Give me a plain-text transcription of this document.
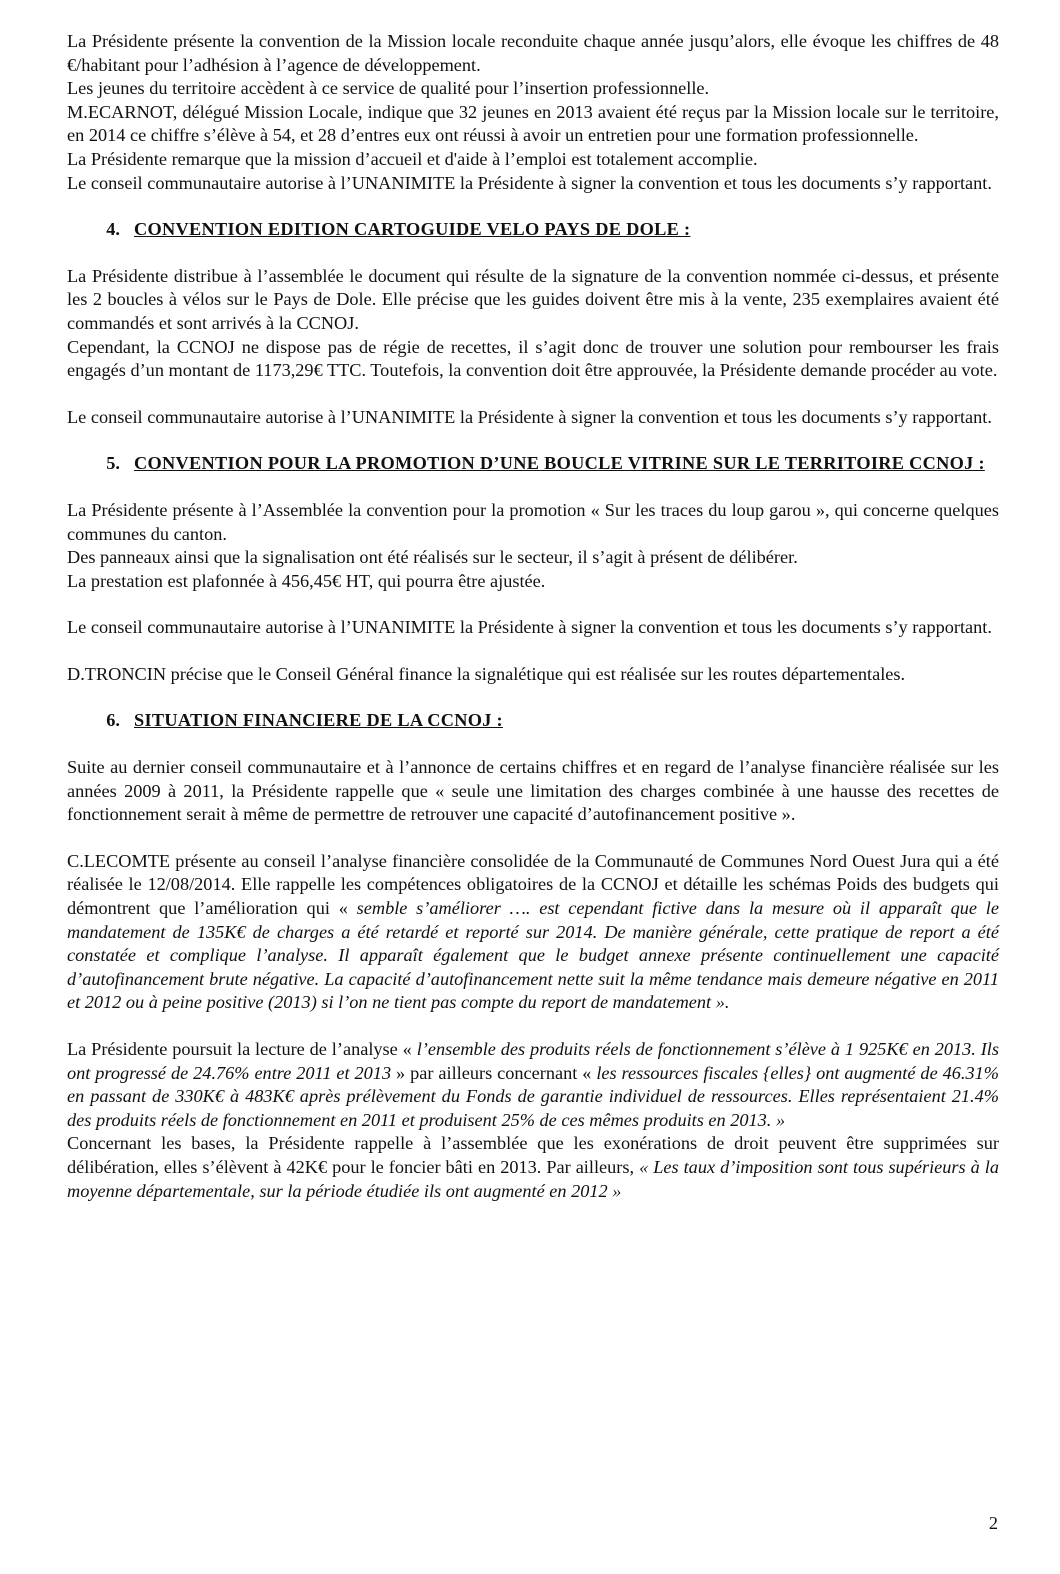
La Présidente présente la convention de la Mission locale reconduite chaque année jusqu’alors, elle évoque les chiffres de 48 €/habitant pour l’adhésion à l’agence de développement.

Les jeunes du territoire accèdent à ce service de qualité pour l’insertion professionnelle.

M.ECARNOT, délégué Mission Locale, indique que 32 jeunes en 2013 avaient été reçus par la Mission locale sur le territoire, en 2014 ce chiffre s’élève à 54, et 28 d’entres eux ont réussi à avoir un entretien pour une formation professionnelle.

La Présidente remarque que la mission d’accueil et d'aide à l’emploi est totalement accomplie.

Le conseil communautaire autorise à l’UNANIMITE la Présidente à signer la convention et tous les documents s’y rapportant.

4. CONVENTION EDITION CARTOGUIDE VELO PAYS DE DOLE :

La Présidente distribue à l’assemblée le document qui résulte de la signature de la convention nommée ci-dessus, et présente les 2 boucles à vélos sur le Pays de Dole. Elle précise que les guides doivent être mis à la vente, 235 exemplaires avaient été commandés et sont arrivés à la CCNOJ.

Cependant, la CCNOJ ne dispose pas de régie de recettes, il s’agit donc de trouver une solution pour rembourser les frais engagés d’un montant de 1173,29€ TTC. Toutefois, la convention doit être approuvée, la Présidente demande procéder au vote.

Le conseil communautaire autorise à l’UNANIMITE la Présidente à signer la convention et tous les documents s’y rapportant.

5. CONVENTION POUR LA PROMOTION D’UNE BOUCLE VITRINE SUR LE TERRITOIRE CCNOJ :

La Présidente présente à l’Assemblée la convention pour la promotion « Sur les traces du loup garou », qui concerne quelques communes du canton.

Des panneaux ainsi que la signalisation ont été réalisés sur le secteur, il s’agit à présent de délibérer.

La prestation est plafonnée à 456,45€ HT, qui pourra être ajustée.

Le conseil communautaire autorise à l’UNANIMITE la Présidente à signer la convention et tous les documents s’y rapportant.

D.TRONCIN précise que le Conseil Général finance la signalétique qui est réalisée sur les routes départementales.

6. SITUATION FINANCIERE DE LA CCNOJ :

Suite au dernier conseil communautaire et à l’annonce de certains chiffres et en regard de l’analyse financière réalisée sur les années 2009 à 2011, la Présidente rappelle que « seule une limitation des charges combinée à une hausse des recettes de fonctionnement serait à même de permettre de retrouver une capacité d’autofinancement positive ».

C.LECOMTE présente au conseil l’analyse financière consolidée de la Communauté de Communes Nord Ouest Jura qui a été réalisée le 12/08/2014. Elle rappelle les compétences obligatoires de la CCNOJ et détaille les schémas Poids des budgets qui démontrent que l’amélioration qui « semble s’améliorer …. est cependant fictive dans la mesure où il apparaît que le mandatement de 135K€ de charges a été retardé et reporté sur 2014. De manière générale, cette pratique de report a été constatée et complique l’analyse. Il apparaît également que le budget annexe présente continuellement une capacité d’autofinancement brute négative. La capacité d’autofinancement nette suit la même tendance mais demeure négative en 2011 et 2012 ou à peine positive (2013) si l’on ne tient pas compte du report de mandatement ».

La Présidente poursuit la lecture de l’analyse « l’ensemble des produits réels de fonctionnement s’élève à 1 925K€ en 2013. Ils ont progressé de 24.76% entre 2011 et 2013 » par ailleurs concernant « les ressources fiscales {elles} ont augmenté de 46.31% en passant de 330K€ à 483K€ après prélèvement du Fonds de garantie individuel de ressources. Elles représentaient 21.4% des produits réels de fonctionnement en 2011 et produisent 25% de ces mêmes produits en 2013. »

Concernant les bases, la Présidente rappelle à l’assemblée que les exonérations de droit peuvent être supprimées sur délibération, elles s’élèvent à 42K€ pour le foncier bâti en 2013. Par ailleurs, « Les taux d’imposition sont tous supérieurs à la moyenne départementale, sur la période étudiée ils ont augmenté en 2012 »

2
